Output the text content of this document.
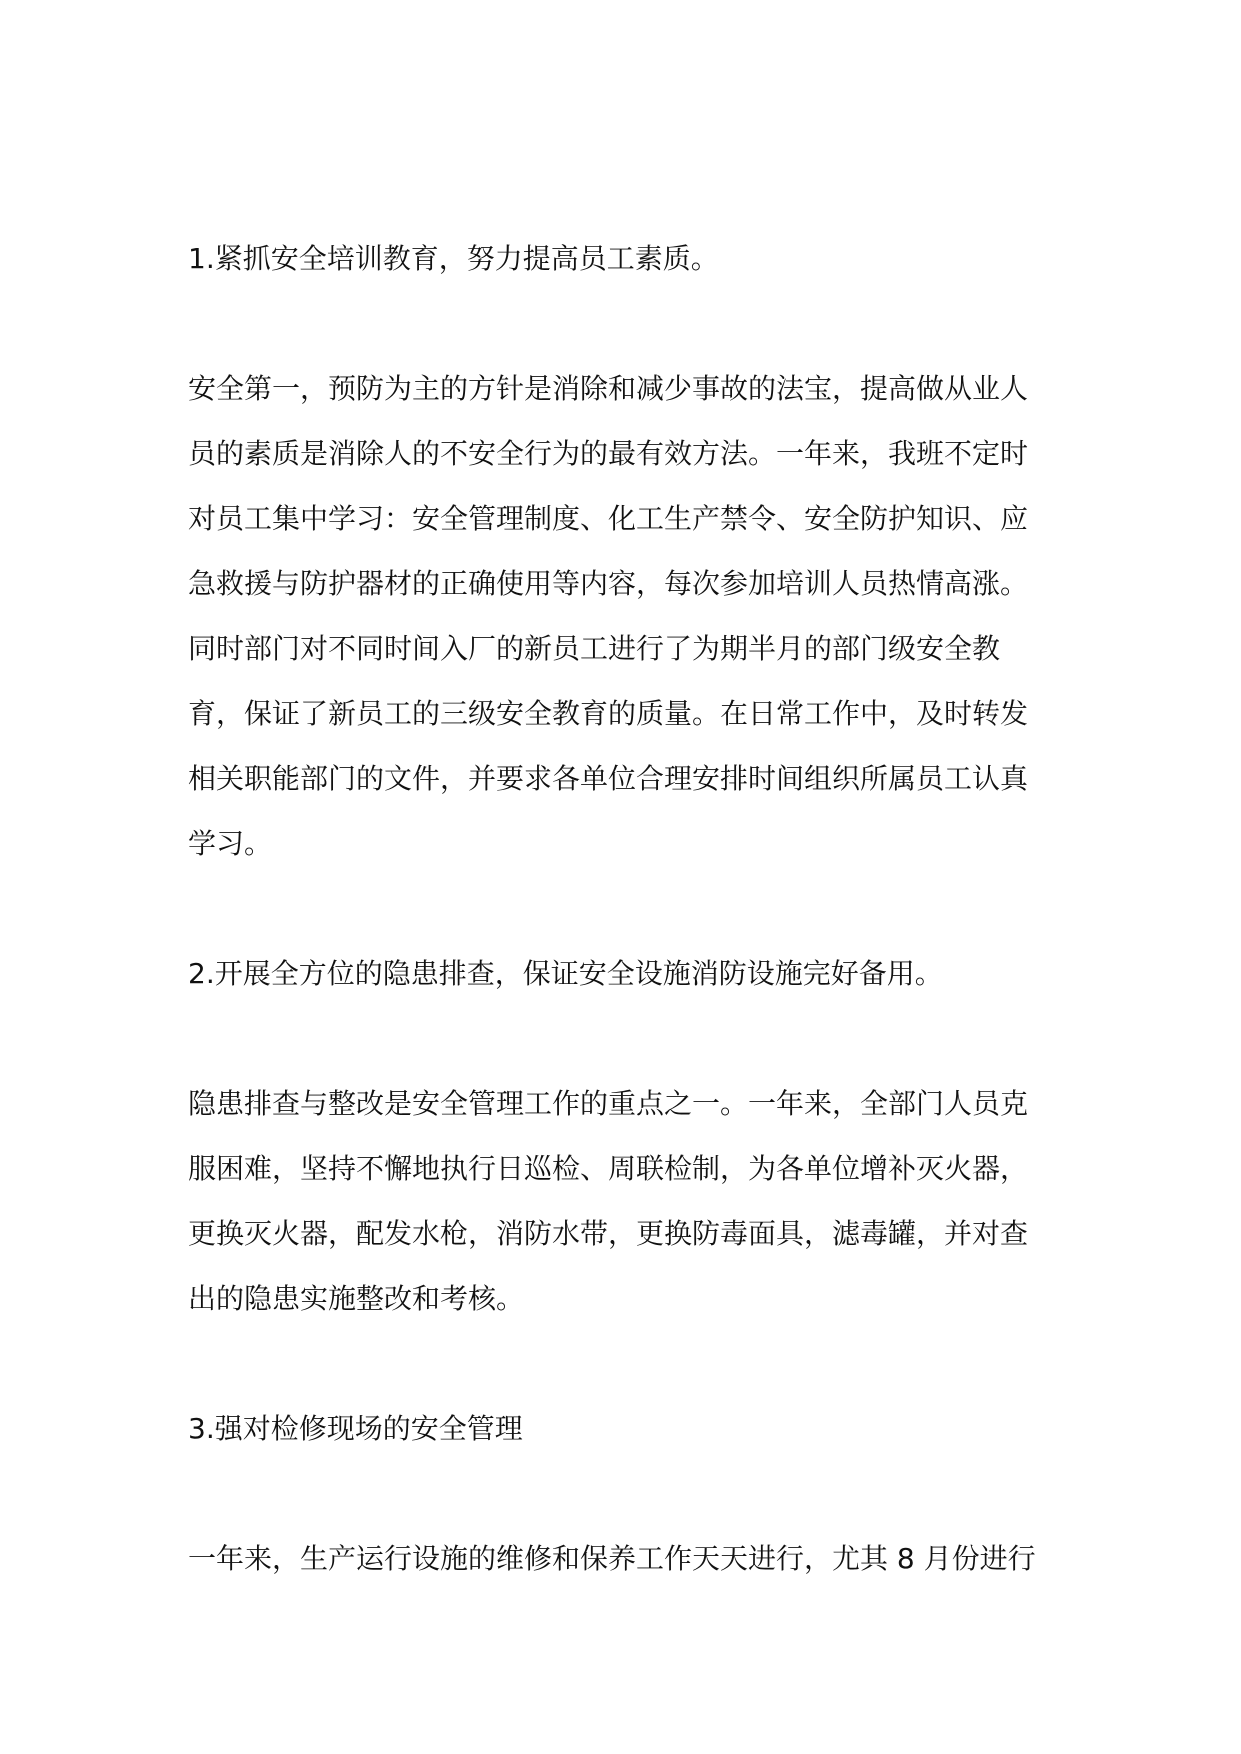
1.紧抓安全培训教育，努力提高员工素质。
安全第一，预防为主的方针是消除和减少事故的法宝，提高做从业人
员的素质是消除人的不安全行为的最有效方法。一年来，我班不定时
对员工集中学习：安全管理制度、化工生产禁令、安全防护知识、应
急救援与防护器材的正确使用等内容，每次参加培训人员热情高涨。
同时部门对不同时间入厂的新员工进行了为期半月的部门级安全教
育，保证了新员工的三级安全教育的质量。在日常工作中，及时转发
相关职能部门的文件，并要求各单位合理安排时间组织所属员工认真
学习。
2.开展全方位的隐患排查，保证安全设施消防设施完好备用。
隐患排查与整改是安全管理工作的重点之一。一年来，全部门人员克
服困难，坚持不懈地执行日巡检、周联检制，为各单位增补灭火器，
更换灭火器，配发水枪，消防水带，更换防毒面具，滤毒罐，并对查
出的隐患实施整改和考核。
3.强对检修现场的安全管理
一年来，生产运行设施的维修和保养工作天天进行，尤其 8 月份进行
